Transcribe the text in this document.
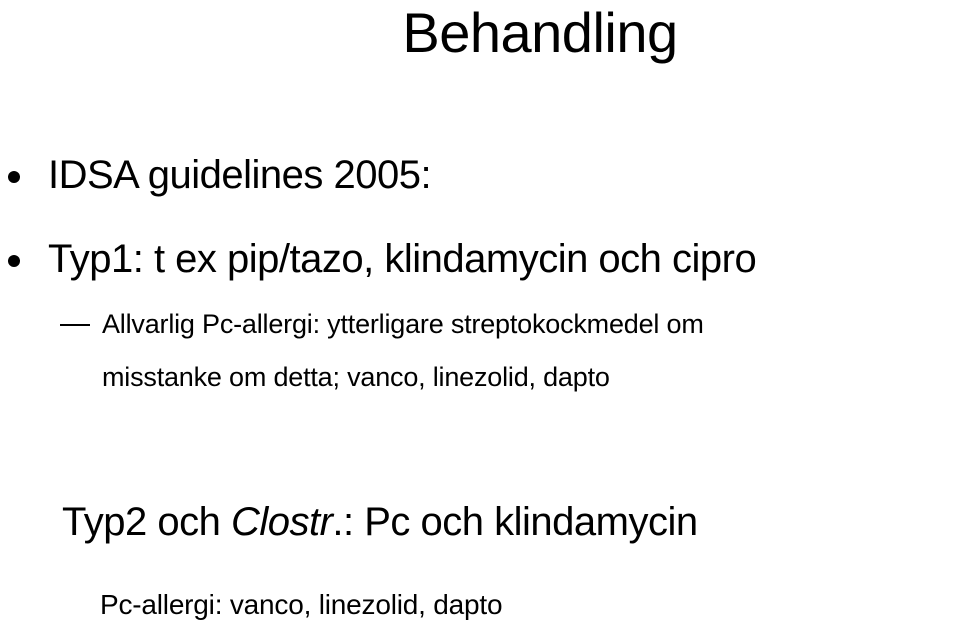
Behandling
IDSA guidelines 2005:
Typ1: t ex pip/tazo, klindamycin och cipro
Allvarlig Pc-allergi: ytterligare streptokockmedel om
misstanke om detta; vanco, linezolid, dapto
Typ2 och Clostr.: Pc och klindamycin
Pc-allergi: vanco, linezolid, dapto
